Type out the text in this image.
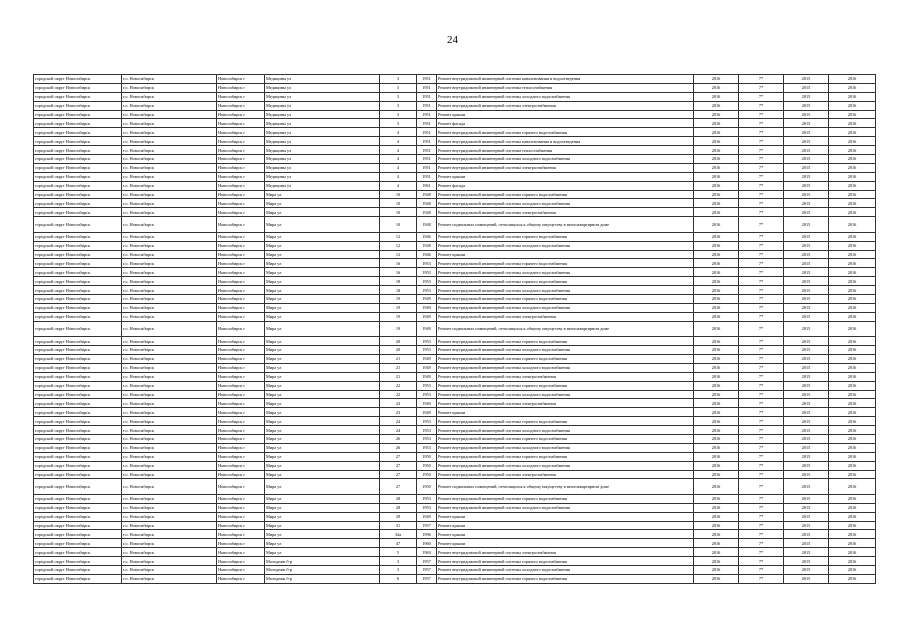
24
городской округ Новосибирск	г.о. Новосибирск	Новосибирск г	Медицины ул	3	1951	Ремонт внутридомовой инженерной системы канализования и водоотведения	2016	7*	2015	2016
городской округ Новосибирск	г.о. Новосибирск	Новосибирск г	Медицины ул	3	1951	Ремонт внутридомовой инженерной системы теплоснабжения	2016	7*	2015	2016
городской округ Новосибирск	г.о. Новосибирск	Новосибирск г	Медицины ул	3	1951	Ремонт внутридомовой инженерной системы холодного водоснабжения	2016	7*	2015	2016
городской округ Новосибирск	г.о. Новосибирск	Новосибирск г	Медицины ул	3	1951	Ремонт внутридомовой инженерной системы электроснабжения	2016	7*	2015	2016
городской округ Новосибирск	г.о. Новосибирск	Новосибирск г	Медицины ул	3	1951	Ремонт крыши	2016	7*	2015	2016
городской округ Новосибирск	г.о. Новосибирск	Новосибирск г	Медицины ул	3	1951	Ремонт фасада	2016	7*	2015	2016
городской округ Новосибирск	г.о. Новосибирск	Новосибирск г	Медицины ул	4	1951	Ремонт внутридомовой инженерной системы горячего водоснабжения	2016	7*	2015	2016
городской округ Новосибирск	г.о. Новосибирск	Новосибирск г	Медицины ул	4	1951	Ремонт внутридомовой инженерной системы канализования и водоотведения	2016	7*	2015	2016
городской округ Новосибирск	г.о. Новосибирск	Новосибирск г	Медицины ул	4	1951	Ремонт внутридомовой инженерной системы теплоснабжения	2016	7*	2015	2016
городской округ Новосибирск	г.о. Новосибирск	Новосибирск г	Медицины ул	4	1951	Ремонт внутридомовой инженерной системы холодного водоснабжения	2016	7*	2015	2016
городской округ Новосибирск	г.о. Новосибирск	Новосибирск г	Медицины ул	4	1951	Ремонт внутридомовой инженерной системы электроснабжения	2016	7*	2015	2016
городской округ Новосибирск	г.о. Новосибирск	Новосибирск г	Медицины ул	4	1951	Ремонт крыши	2016	7*	2015	2016
городской округ Новосибирск	г.о. Новосибирск	Новосибирск г	Медицины ул	4	1961	Ремонт фасада	2016	7*	2015	2016
городской округ Новосибирск	г.о. Новосибирск	Новосибирск г	Мира ул	10	1948	Ремонт внутридомовой инженерной системы горячего водоснабжения	2016	7*	2015	2016
городской округ Новосибирск	г.о. Новосибирск	Новосибирск г	Мира ул	10	1948	Ремонт внутридомовой инженерной системы холодного водоснабжения	2016	7*	2015	2016
городской округ Новосибирск	г.о. Новосибирск	Новосибирск г	Мира ул	10	1948	Ремонт внутридомовой инженерной системы электроснабжения	2016	7*	2015	2016
городской округ Новосибирск	г.о. Новосибирск	Новосибирск г	Мира ул	10	1948	Ремонт подвальных помещений, относящихся к общему имуществу в многоквартирном доме	2016	7*	2015	2016
городской округ Новосибирск	г.о. Новосибирск	Новосибирск г	Мира ул	12	1946	Ремонт внутридомовой инженерной системы горячего водоснабжения	2016	7*	2015	2016
городской округ Новосибирск	г.о. Новосибирск	Новосибирск г	Мира ул	12	1948	Ремонт внутридомовой инженерной системы холодного водоснабжения	2016	7*	2015	2016
городской округ Новосибирск	г.о. Новосибирск	Новосибирск г	Мира ул	12	1946	Ремонт крыши	2016	7*	2015	2016
городской округ Новосибирск	г.о. Новосибирск	Новосибирск г	Мира ул	16	1953	Ремонт внутридомовой инженерной системы горячего водоснабжения	2016	7*	2015	2016
городской округ Новосибирск	г.о. Новосибирск	Новосибирск г	Мира ул	16	1953	Ремонт внутридомовой инженерной системы холодного водоснабжения	2016	7*	2015	2016
городской округ Новосибирск	г.о. Новосибирск	Новосибирск г	Мира ул	18	1953	Ремонт внутридомовой инженерной системы горячего водоснабжения	2016	7*	2015	2016
городской округ Новосибирск	г.о. Новосибирск	Новосибирск г	Мира ул	18	1953	Ремонт внутридомовой инженерной системы холодного водоснабжения	2016	7*	2015	2016
городской округ Новосибирск	г.о. Новосибирск	Новосибирск г	Мира ул	19	1949	Ремонт внутридомовой инженерной системы горячего водоснабжения	2016	7*	2015	2016
городской округ Новосибирск	г.о. Новосибирск	Новосибирск г	Мира ул	19	1949	Ремонт внутридомовой инженерной системы холодного водоснабжения	2016	7*	2015	2016
городской округ Новосибирск	г.о. Новосибирск	Новосибирск г	Мира ул	19	1949	Ремонт внутридомовой инженерной системы электроснабжения	2016	7*	2015	2016
городской округ Новосибирск	г.о. Новосибирск	Новосибирск г	Мира ул	19	1949	Ремонт подвальных помещений, относящихся к общему имуществу в многоквартирном доме	2016	7*	2015	2016
городской округ Новосибирск	г.о. Новосибирск	Новосибирск г	Мира ул	20	1953	Ремонт внутридомовой инженерной системы горячего водоснабжения	2016	7*	2015	2016
городской округ Новосибирск	г.о. Новосибирск	Новосибирск г	Мира ул	20	1953	Ремонт внутридомовой инженерной системы холодного водоснабжения	2016	7*	2015	2016
городской округ Новосибирск	г.о. Новосибирск	Новосибирск г	Мира ул	21	1949	Ремонт внутридомовой инженерной системы горячего водоснабжения	2016	7*	2015	2016
городской округ Новосибирск	г.о. Новосибирск	Новосибирск г	Мира ул	21	1949	Ремонт внутридомовой инженерной системы холодного водоснабжения	2016	7*	2015	2016
городской округ Новосибирск	г.о. Новосибирск	Новосибирск г	Мира ул	21	1949	Ремонт внутридомовой инженерной системы электроснабжения	2016	7*	2015	2016
городской округ Новосибирск	г.о. Новосибирск	Новосибирск г	Мира ул	22	1953	Ремонт внутридомовой инженерной системы горячего водоснабжения	2016	7*	2015	2016
городской округ Новосибирск	г.о. Новосибирск	Новосибирск г	Мира ул	22	1953	Ремонт внутридомовой инженерной системы холодного водоснабжения	2016	7*	2015	2016
городской округ Новосибирск	г.о. Новосибирск	Новосибирск г	Мира ул	23	1949	Ремонт внутридомовой инженерной системы электроснабжения	2016	7*	2015	2016
городской округ Новосибирск	г.о. Новосибирск	Новосибирск г	Мира ул	23	1949	Ремонт крыши	2016	7*	2015	2016
городской округ Новосибирск	г.о. Новосибирск	Новосибирск г	Мира ул	24	1953	Ремонт внутридомовой инженерной системы горячего водоснабжения	2016	7*	2015	2016
городской округ Новосибирск	г.о. Новосибирск	Новосибирск г	Мира ул	24	1953	Ремонт внутридомовой инженерной системы холодного водоснабжения	2016	7*	2015	2016
городской округ Новосибирск	г.о. Новосибирск	Новосибирск г	Мира ул	26	1953	Ремонт внутридомовой инженерной системы горячего водоснабжения	2016	7*	2015	2016
городской округ Новосибирск	г.о. Новосибирск	Новосибирск г	Мира ул	26	1953	Ремонт внутридомовой инженерной системы холодного водоснабжения	2016	7*	2015	2016
городской округ Новосибирск	г.о. Новосибирск	Новосибирск г	Мира ул	27	1950	Ремонт внутридомовой инженерной системы горячего водоснабжения	2016	7*	2015	2016
городской округ Новосибирск	г.о. Новосибирск	Новосибирск г	Мира ул	27	1950	Ремонт внутридомовой инженерной системы холодного водоснабжения	2016	7*	2015	2016
городской округ Новосибирск	г.о. Новосибирск	Новосибирск г	Мира ул	27	1950	Ремонт внутридомовой инженерной системы электроснабжения	2016	7*	2015	2016
городской округ Новосибирск	г.о. Новосибирск	Новосибирск г	Мира ул	27	1950	Ремонт подвальных помещений, относящихся к общему имуществу в многоквартирном доме	2016	7*	2015	2016
городской округ Новосибирск	г.о. Новосибирск	Новосибирск г	Мира ул	28	1953	Ремонт внутридомовой инженерной системы горячего водоснабжения	2016	7*	2015	2016
городской округ Новосибирск	г.о. Новосибирск	Новосибирск г	Мира ул	28	1953	Ремонт внутридомовой инженерной системы холодного водоснабжения	2016	7*	2015	2016
городской округ Новосибирск	г.о. Новосибирск	Новосибирск г	Мира ул	29	1949	Ремонт крыши	2016	7*	2015	2016
городской округ Новосибирск	г.о. Новосибирск	Новосибирск г	Мира ул	31	1957	Ремонт крыши	2016	7*	2015	2016
городской округ Новосибирск	г.о. Новосибирск	Новосибирск г	Мира ул	34а	1996	Ремонт крыши	2016	7*	2015	2016
городской округ Новосибирск	г.о. Новосибирск	Новосибирск г	Мира ул	47	1960	Ремонт крыши	2016	7*	2015	2016
городской округ Новосибирск	г.о. Новосибирск	Новосибирск г	Мира ул	5	1984	Ремонт внутридомовой инженерной системы электроснабжения	2016	7*	2015	2016
городской округ Новосибирск	г.о. Новосибирск	Новосибирск г	Молодежи б-р	3	1957	Ремонт внутридомовой инженерной системы горячего водоснабжения	2016	7*	2015	2016
городской округ Новосибирск	г.о. Новосибирск	Новосибирск г	Молодежи б-р	3	1957	Ремонт внутридомовой инженерной системы холодного водоснабжения	2016	7*	2015	2016
городской округ Новосибирск	г.о. Новосибирск	Новосибирск г	Молодежи б-р	6	1957	Ремонт внутридомовой инженерной системы горячего водоснабжения	2016	7*	2015	2016
